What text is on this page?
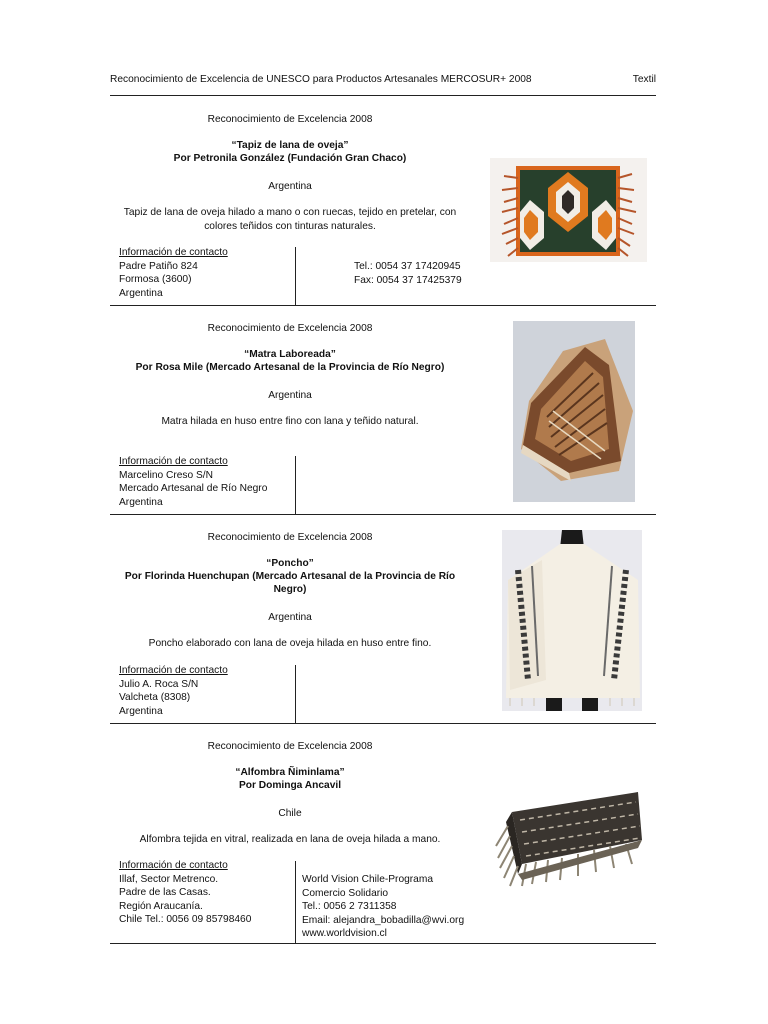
Reconocimiento de Excelencia de UNESCO para Productos Artesanales MERCOSUR+ 2008	Textil
Reconocimiento de Excelencia 2008
“Tapiz de lana de oveja”
Por Petronila González (Fundación Gran Chaco)
Argentina
Tapiz de lana de oveja hilado a mano o con ruecas, tejido en pretelar, con
colores teñidos con tinturas naturales.
Información de contacto
Padre Patiño 824
Formosa (3600)
Argentina
Tel.: 0054 37 17420945
Fax: 0054 37 17425379
Reconocimiento de Excelencia 2008
“Matra Laboreada”
Por Rosa Mile (Mercado Artesanal de la Provincia de Río Negro)
Argentina
Matra hilada en huso entre fino con lana y teñido natural.
Información de contacto
Marcelino Creso S/N
Mercado Artesanal de Río Negro
Argentina
Reconocimiento de Excelencia 2008
“Poncho”
Por Florinda Huenchupan (Mercado Artesanal de la Provincia de Río
Negro)
Argentina
Poncho elaborado con lana de oveja hilada en huso entre fino.
Información de contacto
Julio A. Roca S/N
Valcheta (8308)
Argentina
Reconocimiento de Excelencia 2008
“Alfombra Ñiminlama”
Por Dominga Ancavil
Chile
Alfombra tejida en vitral, realizada en lana de oveja hilada a mano.
Información de contacto
Illaf, Sector Metrenco.
Padre de las Casas.
Región Araucanía.
Chile Tel.: 0056 09 85798460
World Vision Chile-Programa
Comercio Solidario
Tel.: 0056 2 7311358
Email: alejandra_bobadilla@wvi.org
www.worldvision.cl
